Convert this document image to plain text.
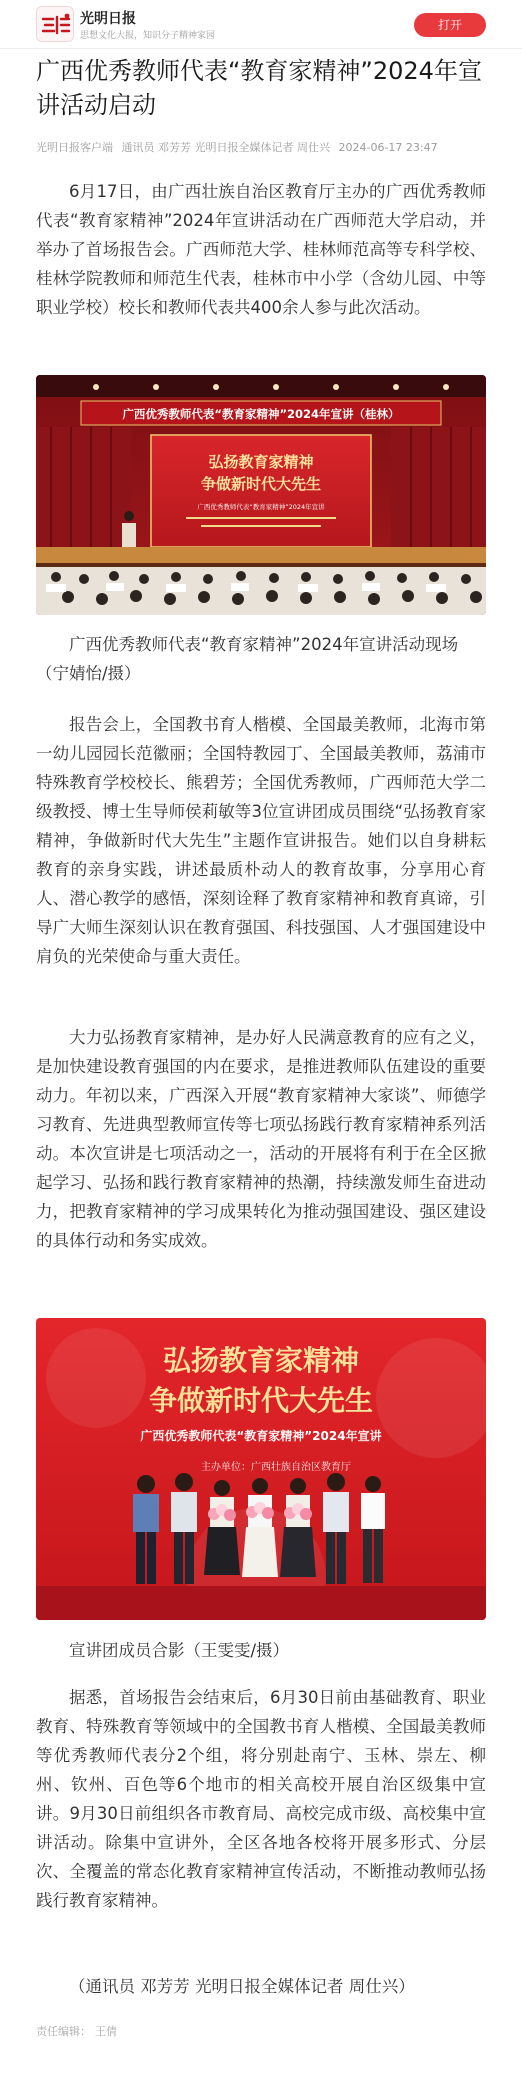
光明日报
思想文化大报，知识分子精神家园
打开
广西优秀教师代表“教育家精神”2024年宣讲活动启动
光明日报客户端 通讯员 邓芳芳 光明日报全媒体记者 周仕兴 2024-06-17 23:47

6月17日，由广西壮族自治区教育厅主办的广西优秀教师代表“教育家精神”2024年宣讲活动在广西师范大学启动，并举办了首场报告会。广西师范大学、桂林师范高等专科学校、桂林学院教师和师范生代表，桂林市中小学（含幼儿园、中等职业学校）校长和教师代表共400余人参与此次活动。

广西优秀教师代表“教育家精神”2024年宣讲（桂林）
弘扬教育家精神
争做新时代大先生
广西优秀教师代表“教育家精神”2024年宣讲

广西优秀教师代表“教育家精神”2024年宣讲活动现场（宁婧怡/摄）

报告会上，全国教书育人楷模、全国最美教师，北海市第一幼儿园园长范徽丽；全国特教园丁、全国最美教师，荔浦市特殊教育学校校长、熊碧芳；全国优秀教师，广西师范大学二级教授、博士生导师侯莉敏等3位宣讲团成员围绕“弘扬教育家精神，争做新时代大先生”主题作宣讲报告。她们以自身耕耘教育的亲身实践，讲述最质朴动人的教育故事，分享用心育人、潜心教学的感悟，深刻诠释了教育家精神和教育真谛，引导广大师生深刻认识在教育强国、科技强国、人才强国建设中肩负的光荣使命与重大责任。

大力弘扬教育家精神，是办好人民满意教育的应有之义，是加快建设教育强国的内在要求，是推进教师队伍建设的重要动力。年初以来，广西深入开展“教育家精神大家谈”、师德学习教育、先进典型教师宣传等七项弘扬践行教育家精神系列活动。本次宣讲是七项活动之一，活动的开展将有利于在全区掀起学习、弘扬和践行教育家精神的热潮，持续激发师生奋进动力，把教育家精神的学习成果转化为推动强国建设、强区建设的具体行动和务实成效。

弘扬教育家精神
争做新时代大先生
广西优秀教师代表“教育家精神”2024年宣讲
主办单位：广西壮族自治区教育厅

宣讲团成员合影（王雯雯/摄）

据悉，首场报告会结束后，6月30日前由基础教育、职业教育、特殊教育等领域中的全国教书育人楷模、全国最美教师等优秀教师代表分2个组，将分别赴南宁、玉林、崇左、柳州、钦州、百色等6个地市的相关高校开展自治区级集中宣讲。9月30日前组织各市教育局、高校完成市级、高校集中宣讲活动。除集中宣讲外，全区各地各校将开展多形式、分层次、全覆盖的常态化教育家精神宣传活动，不断推动教师弘扬践行教育家精神。

（通讯员 邓芳芳 光明日报全媒体记者 周仕兴）

责任编辑： 王倩
